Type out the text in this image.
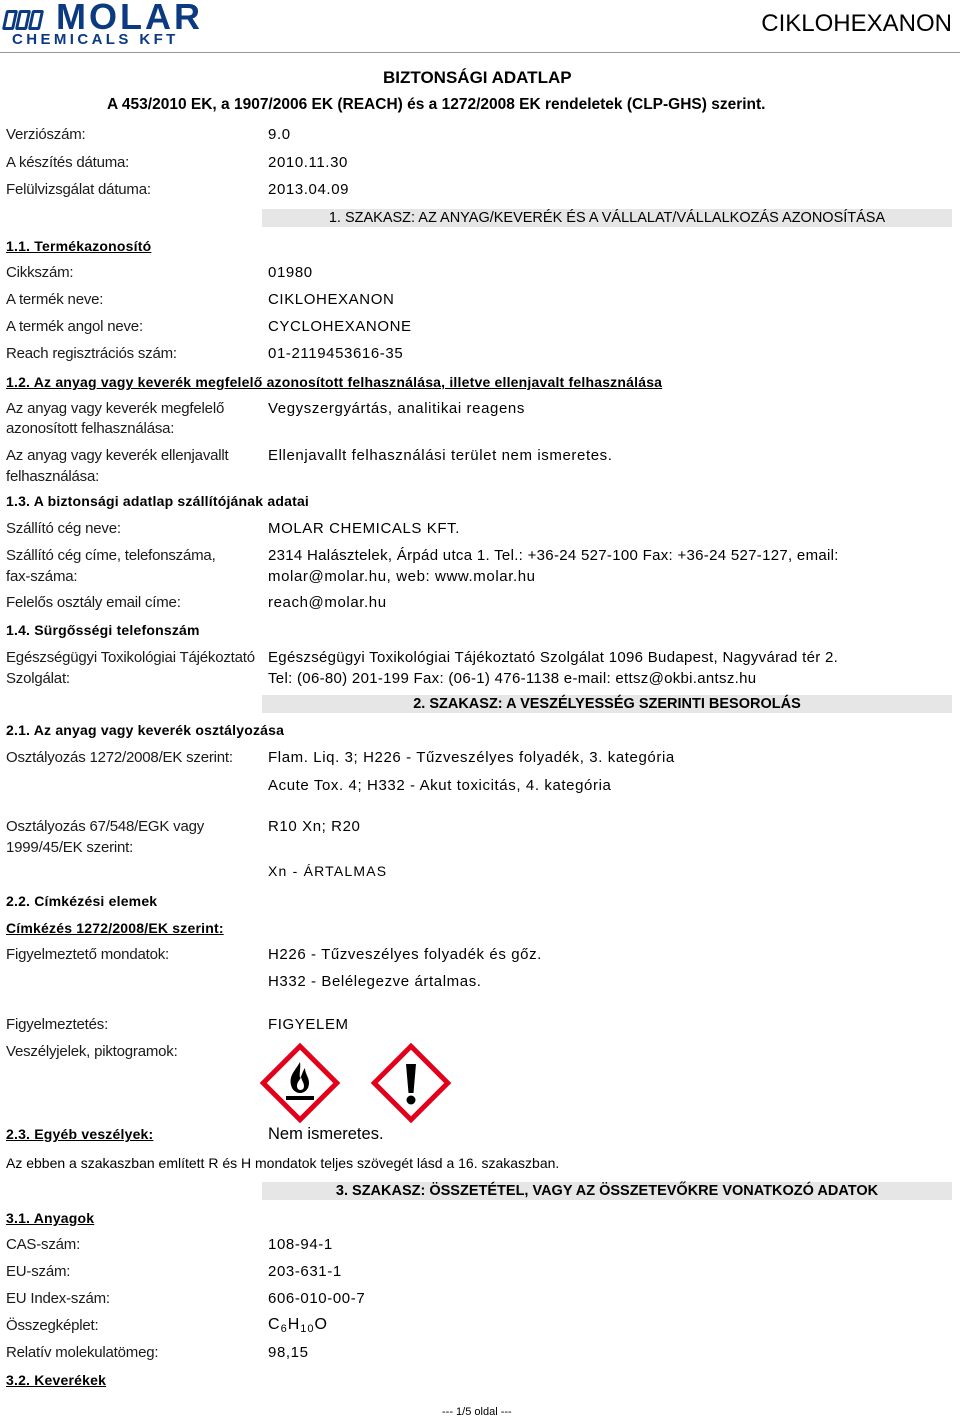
MOLAR
CHEMICALS KFT
CIKLOHEXANON
BIZTONSÁGI ADATLAP
A 453/2010 EK, a 1907/2006 EK (REACH) és a 1272/2008 EK rendeletek (CLP-GHS) szerint.
Verziószám:	9.0
A készítés dátuma:	2010.11.30
Felülvizsgálat dátuma:	2013.04.09
1. SZAKASZ: AZ ANYAG/KEVERÉK ÉS A VÁLLALAT/VÁLLALKOZÁS AZONOSÍTÁSA
1.1. Termékazonosító
Cikkszám:	01980
A termék neve:	CIKLOHEXANON
A termék angol neve:	CYCLOHEXANONE
Reach regisztrációs szám:	01-2119453616-35
1.2. Az anyag vagy keverék megfelelő azonosított felhasználása, illetve ellenjavalt felhasználása
Az anyag vagy keverék megfelelő
azonosított felhasználása:
Vegyszergyártás, analitikai reagens
Az anyag vagy keverék ellenjavallt
felhasználása:
Ellenjavallt felhasználási terület nem ismeretes.
1.3. A biztonsági adatlap szállítójának adatai
Szállító cég neve:	MOLAR CHEMICALS KFT.
Szállító cég címe, telefonszáma,
fax-száma:
2314 Halásztelek, Árpád utca 1. Tel.: +36-24 527-100 Fax: +36-24 527-127, email:
molar@molar.hu, web: www.molar.hu
Felelős osztály email címe:	reach@molar.hu
1.4. Sürgősségi telefonszám
Egészségügyi Toxikológiai Tájékoztató
Szolgálat:
Egészségügyi Toxikológiai Tájékoztató Szolgálat 1096 Budapest, Nagyvárad tér 2.
Tel: (06-80) 201-199 Fax: (06-1) 476-1138 e-mail: ettsz@okbi.antsz.hu
2. SZAKASZ: A VESZÉLYESSÉG SZERINTI BESOROLÁS
2.1. Az anyag vagy keverék osztályozása
Osztályozás 1272/2008/EK szerint: Flam. Liq. 3; H226 - Tűzveszélyes folyadék, 3. kategória
Acute Tox. 4; H332 - Akut toxicitás, 4. kategória
Osztályozás 67/548/EGK vagy
1999/45/EK szerint:
R10 Xn; R20
Xn - ÁRTALMAS
2.2. Címkézési elemek
Címkézés 1272/2008/EK szerint:
Figyelmeztető mondatok:	H226 - Tűzveszélyes folyadék és gőz.
H332 - Belélegezve ártalmas.
Figyelmeztetés:	FIGYELEM
Veszélyjelek, piktogramok:
2.3. Egyéb veszélyek:	Nem ismeretes.
Az ebben a szakaszban említett R és H mondatok teljes szövegét lásd a 16. szakaszban.
3. SZAKASZ: ÖSSZETÉTEL, VAGY AZ ÖSSZETEVŐKRE VONATKOZÓ ADATOK
3.1. Anyagok
CAS-szám:	108-94-1
EU-szám:	203-631-1
EU Index-szám:	606-010-00-7
Összegképlet:	C6H10O
Relatív molekulatömeg:	98,15
3.2. Keverékek
--- 1/5 oldal ---
